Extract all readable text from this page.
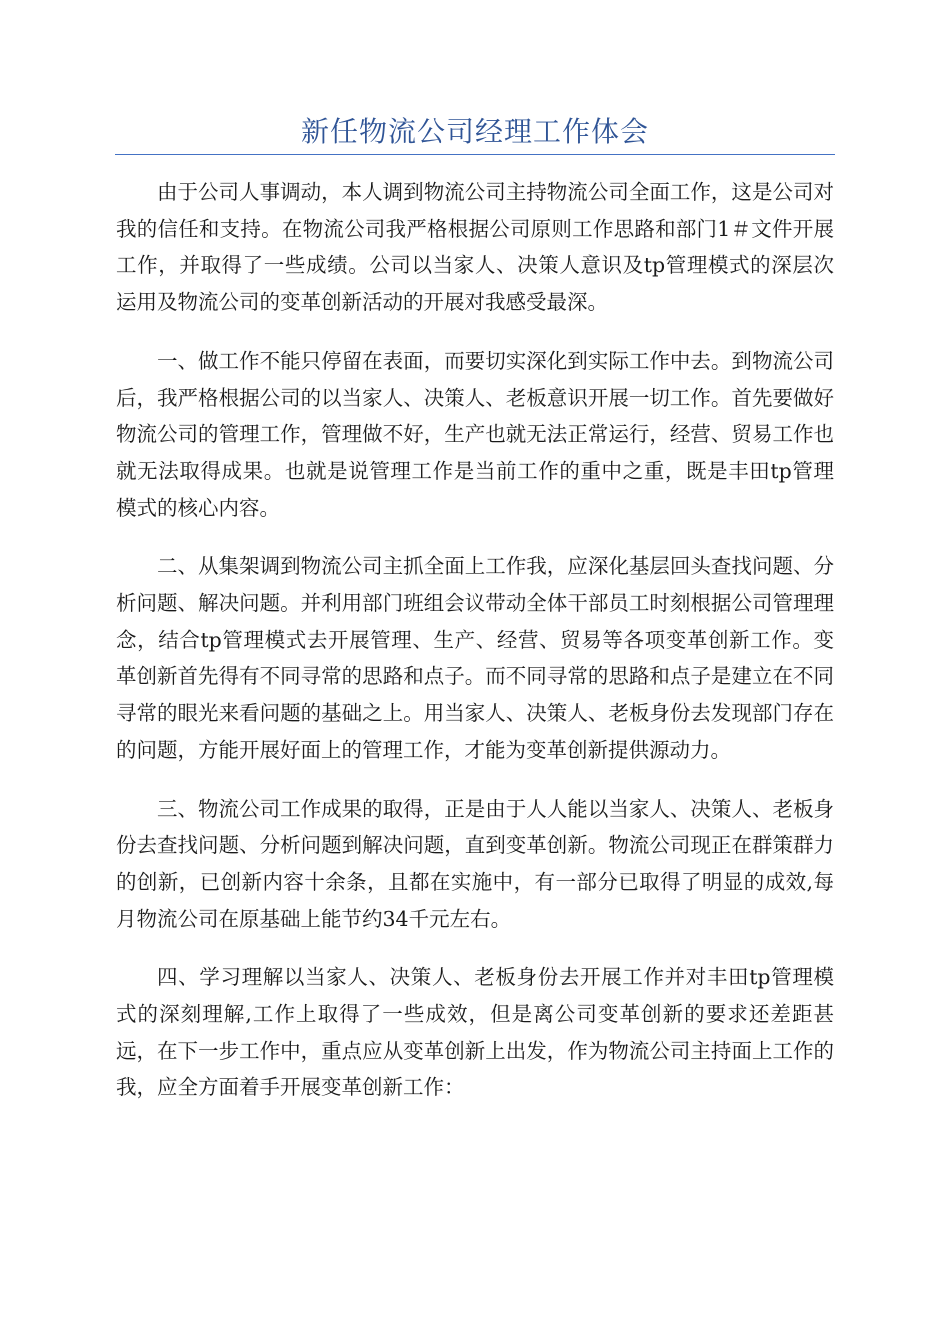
新任物流公司经理工作体会

由于公司人事调动，本人调到物流公司主持物流公司全面工作，这是公司对我的信任和支持。在物流公司我严格根据公司原则工作思路和部门1＃文件开展工作，并取得了一些成绩。公司以当家人、决策人意识及tp管理模式的深层次运用及物流公司的变革创新活动的开展对我感受最深。

一、做工作不能只停留在表面，而要切实深化到实际工作中去。到物流公司后，我严格根据公司的以当家人、决策人、老板意识开展一切工作。首先要做好物流公司的管理工作，管理做不好，生产也就无法正常运行，经营、贸易工作也就无法取得成果。也就是说管理工作是当前工作的重中之重，既是丰田tp管理模式的核心内容。

二、从集架调到物流公司主抓全面上工作我，应深化基层回头查找问题、分析问题、解决问题。并利用部门班组会议带动全体干部员工时刻根据公司管理理念，结合tp管理模式去开展管理、生产、经营、贸易等各项变革创新工作。变革创新首先得有不同寻常的思路和点子。而不同寻常的思路和点子是建立在不同寻常的眼光来看问题的基础之上。用当家人、决策人、老板身份去发现部门存在的问题，方能开展好面上的管理工作，才能为变革创新提供源动力。

三、物流公司工作成果的取得，正是由于人人能以当家人、决策人、老板身份去查找问题、分析问题到解决问题，直到变革创新。物流公司现正在群策群力的创新，已创新内容十余条，且都在实施中，有一部分已取得了明显的成效,每月物流公司在原基础上能节约34千元左右。

四、学习理解以当家人、决策人、老板身份去开展工作并对丰田tp管理模式的深刻理解,工作上取得了一些成效，但是离公司变革创新的要求还差距甚远，在下一步工作中，重点应从变革创新上出发，作为物流公司主持面上工作的我，应全方面着手开展变革创新工作：
